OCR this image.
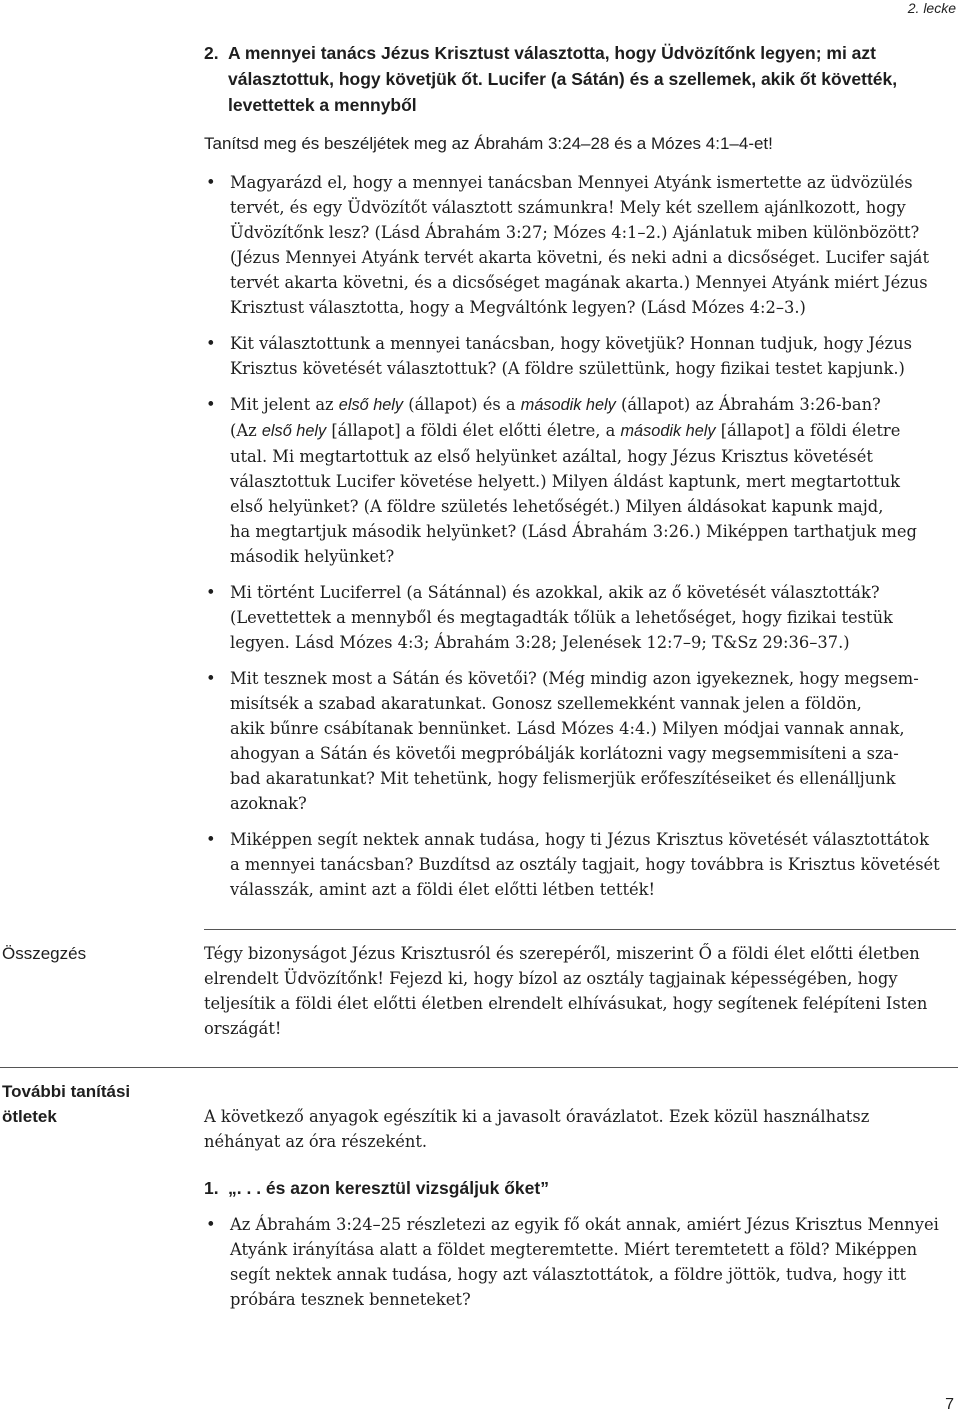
2. lecke
2. A mennyei tanács Jézus Krisztust választotta, hogy Üdvözítőnk legyen; mi azt
választottuk, hogy követjük őt. Lucifer (a Sátán) és a szellemek, akik őt követték,
levettettek a mennyből
Tanítsd meg és beszéljétek meg az Ábrahám 3:24–28 és a Mózes 4:1–4-et!
• Magyarázd el, hogy a mennyei tanácsban Mennyei Atyánk ismertette az üdvözülés
tervét, és egy Üdvözítőt választott számunkra! Mely két szellem ajánlkozott, hogy
Üdvözítőnk lesz? (Lásd Ábrahám 3:27; Mózes 4:1–2.) Ajánlatuk miben különbözött?
(Jézus Mennyei Atyánk tervét akarta követni, és neki adni a dicsőséget. Lucifer saját
tervét akarta követni, és a dicsőséget magának akarta.) Mennyei Atyánk miért Jézus
Krisztust választotta, hogy a Megváltónk legyen? (Lásd Mózes 4:2–3.)
• Kit választottunk a mennyei tanácsban, hogy követjük? Honnan tudjuk, hogy Jézus
Krisztus követését választottuk? (A földre születtünk, hogy fizikai testet kapjunk.)
• Mit jelent az első hely (állapot) és a második hely (állapot) az Ábrahám 3:26-ban?
(Az első hely [állapot] a földi élet előtti életre, a második hely [állapot] a földi életre
utal. Mi megtartottuk az első helyünket azáltal, hogy Jézus Krisztus követését
választottuk Lucifer követése helyett.) Milyen áldást kaptunk, mert megtartottuk
első helyünket? (A földre születés lehetőségét.) Milyen áldásokat kapunk majd,
ha megtartjuk második helyünket? (Lásd Ábrahám 3:26.) Miképpen tarthatjuk meg
második helyünket?
• Mi történt Luciferrel (a Sátánnal) és azokkal, akik az ő követését választották?
(Levettettek a mennyből és megtagadták tőlük a lehetőséget, hogy fizikai testük
legyen. Lásd Mózes 4:3; Ábrahám 3:28; Jelenések 12:7–9; T&Sz 29:36–37.)
• Mit tesznek most a Sátán és követői? (Még mindig azon igyekeznek, hogy megsem-
misítsék a szabad akaratunkat. Gonosz szellemekként vannak jelen a földön,
akik bűnre csábítanak bennünket. Lásd Mózes 4:4.) Milyen módjai vannak annak,
ahogyan a Sátán és követői megpróbálják korlátozni vagy megsemmisíteni a sza-
bad akaratunkat? Mit tehetünk, hogy felismerjük erőfeszítéseiket és ellenálljunk
azoknak?
• Miképpen segít nektek annak tudása, hogy ti Jézus Krisztus követését választottátok
a mennyei tanácsban? Buzdítsd az osztály tagjait, hogy továbbra is Krisztus követését
válasszák, amint azt a földi élet előtti létben tették!
Összegzés	Tégy bizonyságot Jézus Krisztusról és szerepéről, miszerint Ő a földi élet előtti életben
elrendelt Üdvözítőnk! Fejezd ki, hogy bízol az osztály tagjainak képességében, hogy
teljesítik a földi élet előtti életben elrendelt elhívásukat, hogy segítenek felépíteni Isten
országát!
További tanítási
ötletek	A következő anyagok egészítik ki a javasolt óravázlatot. Ezek közül használhatsz
néhányat az óra részeként.
1. „. . . és azon keresztül vizsgáljuk őket”
• Az Ábrahám 3:24–25 részletezi az egyik fő okát annak, amiért Jézus Krisztus Mennyei
Atyánk irányítása alatt a földet megteremtette. Miért teremtetett a föld? Miképpen
segít nektek annak tudása, hogy azt választottátok, a földre jöttök, tudva, hogy itt
próbára tesznek benneteket?
7
